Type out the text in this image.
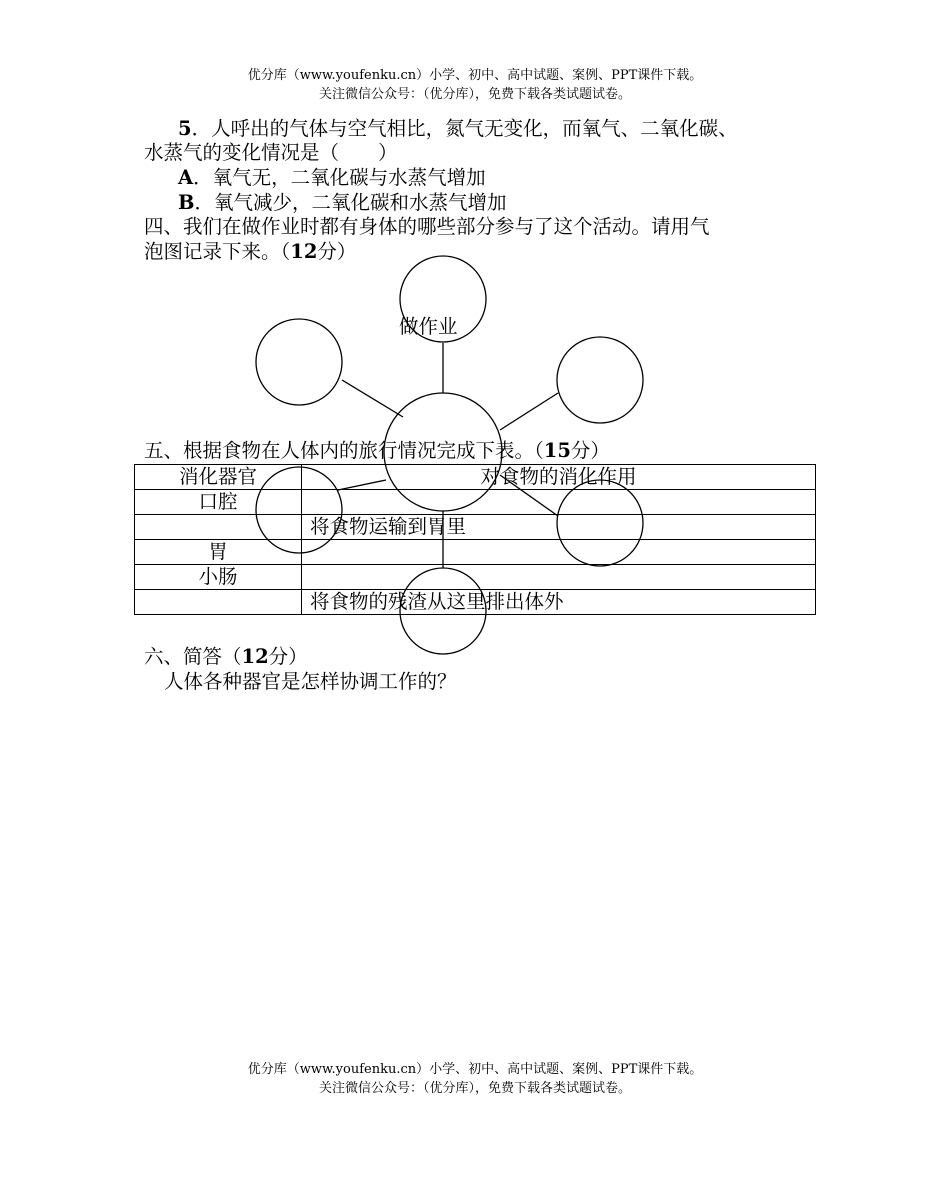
优分库（www.youfenku.cn）小学、初中、高中试题、案例、PPT课件下载。
关注微信公众号：（优分库），免费下载各类试题试卷。
5．人呼出的气体与空气相比，氮气无变化，而氧气、二氧化碳、
水蒸气的变化情况是（　　）
A．氧气无，二氧化碳与水蒸气增加
B．氧气减少，二氧化碳和水蒸气增加
四、我们在做作业时都有身体的哪些部分参与了这个活动。请用气
泡图记录下来。（12分）
五、根据食物在人体内的旅行情况完成下表。（15分）
消化器官	对食物的消化作用
口腔	
	将食物运输到胃里
胃	
小肠	
	将食物的残渣从这里排出体外
做作业
六、简答（12分）
人体各种器官是怎样协调工作的？
优分库（www.youfenku.cn）小学、初中、高中试题、案例、PPT课件下载。
关注微信公众号：（优分库），免费下载各类试题试卷。
